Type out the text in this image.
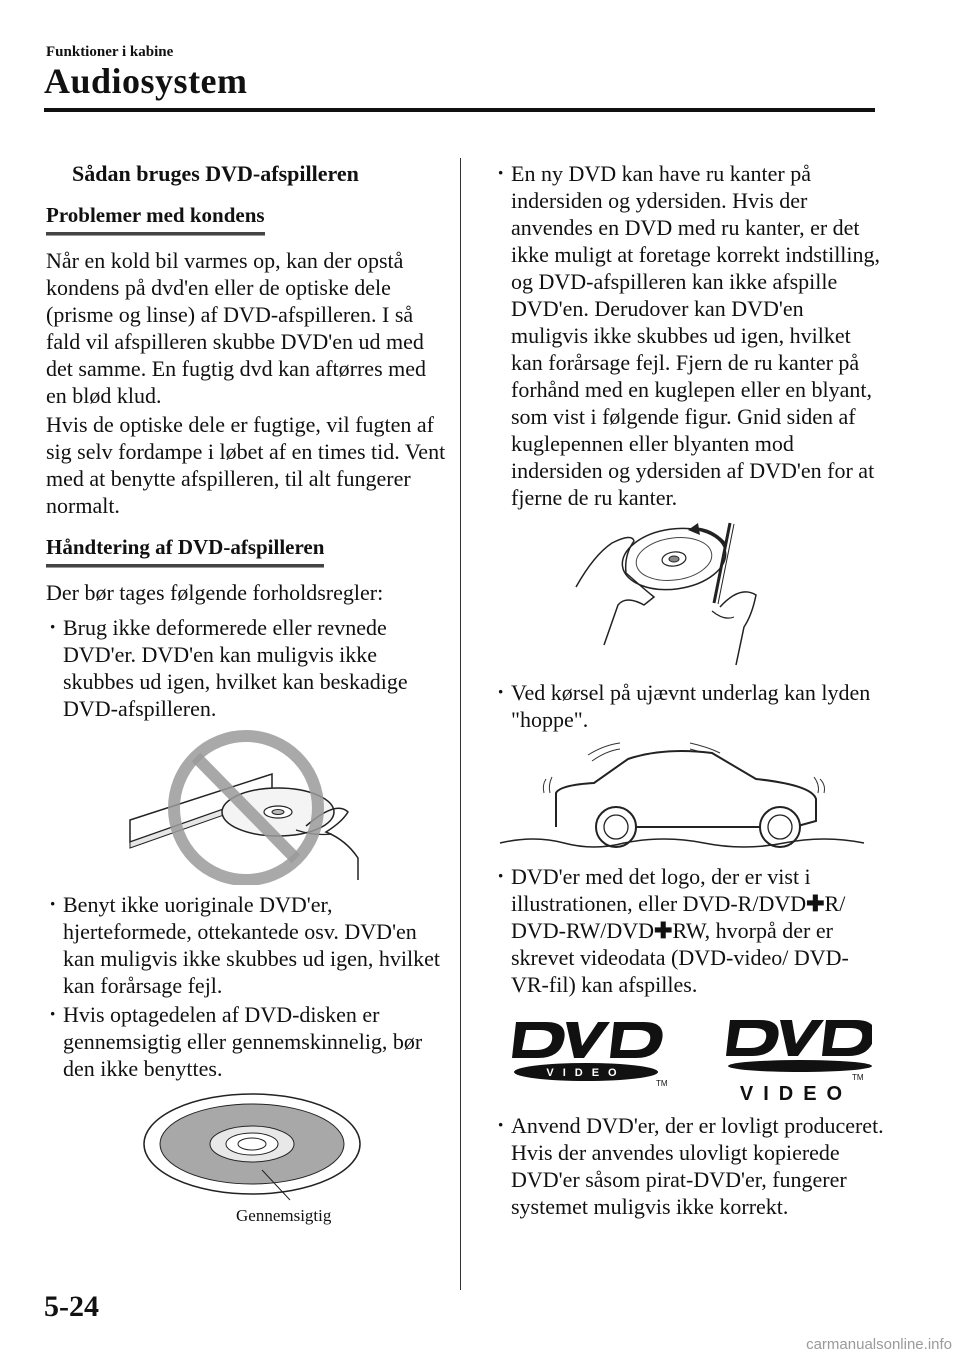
Funktioner i kabine
Audiosystem
Sådan bruges DVD-afspilleren
Problemer med kondens

Når en kold bil varmes op, kan der opstå kondens på dvd'en eller de optiske dele (prisme og linse) af DVD-afspilleren. I så fald vil afspilleren skubbe DVD'en ud med det samme. En fugtig dvd kan aftørres med en blød klud.

Hvis de optiske dele er fugtige, vil fugten af sig selv fordampe i løbet af en times tid. Vent med at benytte afspilleren, til alt fungerer normalt.

Håndtering af DVD-afspilleren

Der bør tages følgende forholdsregler:

· Brug ikke deformerede eller revnede DVD'er. DVD'en kan muligvis ikke skubbes ud igen, hvilket kan beskadige DVD-afspilleren.
· Benyt ikke uoriginale DVD'er, hjerteformede, ottekantede osv. DVD'en kan muligvis ikke skubbes ud igen, hvilket kan forårsage fejl.
· Hvis optagedelen af DVD-disken er gennemsigtig eller gennemskinnelig, bør den ikke benyttes.
Gennemsigtig
· En ny DVD kan have ru kanter på indersiden og ydersiden. Hvis der anvendes en DVD med ru kanter, er det ikke muligt at foretage korrekt indstilling, og DVD-afspilleren kan ikke afspille DVD'en. Derudover kan DVD'en muligvis ikke skubbes ud igen, hvilket kan forårsage fejl. Fjern de ru kanter på forhånd med en kuglepen eller en blyant, som vist i følgende figur. Gnid siden af kuglepennen eller blyanten mod indersiden og ydersiden af DVD'en for at fjerne de ru kanter.
· Ved kørsel på ujævnt underlag kan lyden "hoppe".
· DVD'er med det logo, der er vist i illustrationen, eller DVD-R/DVD✚R/ DVD-RW/DVD✚RW, hvorpå der er skrevet videodata (DVD-video/ DVD-VR-fil) kan afspilles.
VIDEO
TM	VIDEO
TM
· Anvend DVD'er, der er lovligt produceret. Hvis der anvendes ulovligt kopierede DVD'er såsom pirat-DVD'er, fungerer systemet muligvis ikke korrekt.
5-24
carmanualsonline.info
